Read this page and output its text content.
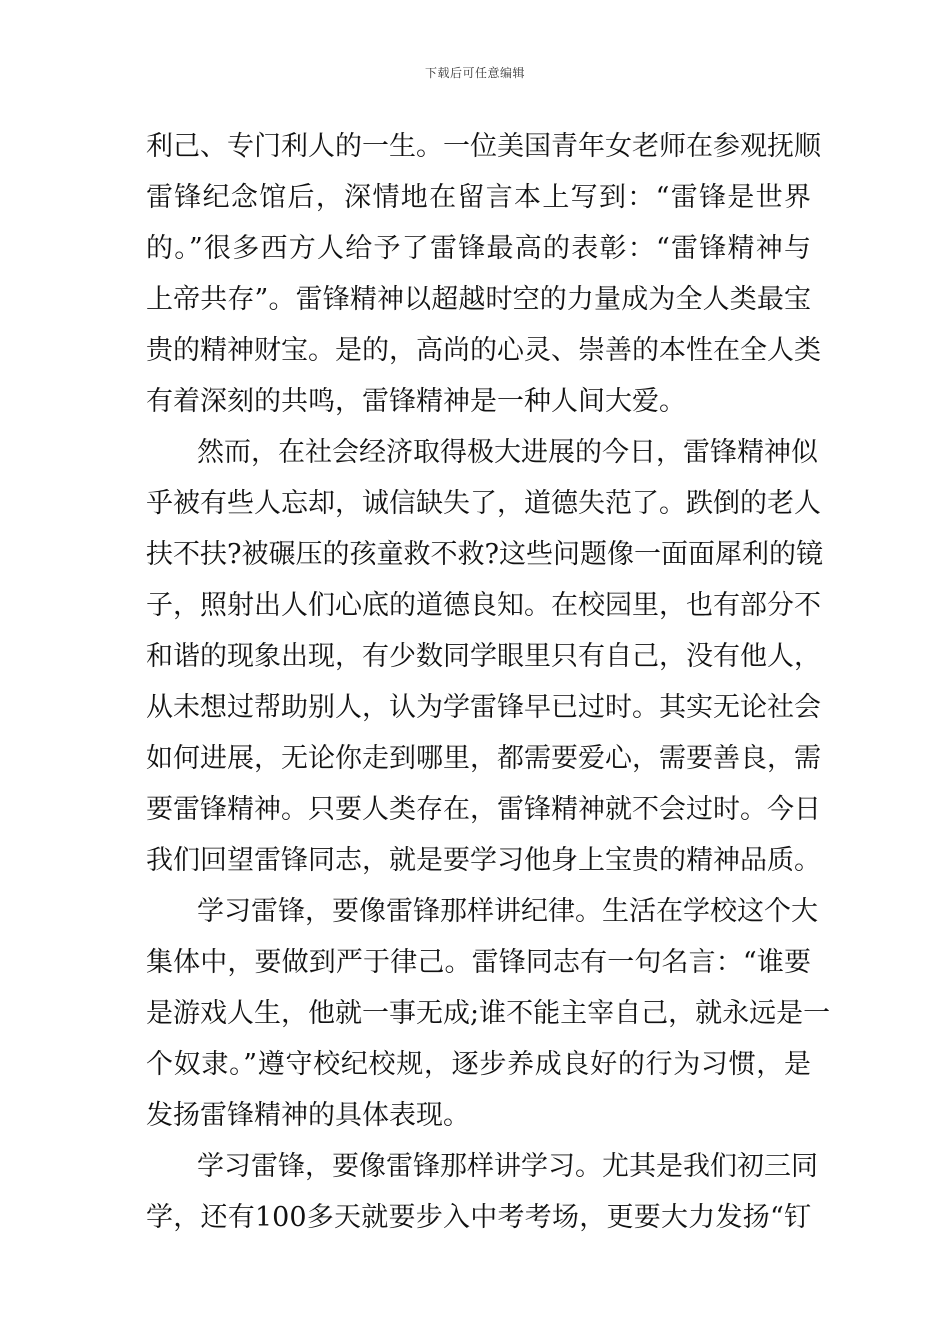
下载后可任意编辑
利己、专门利人的一生。一位美国青年女老师在参观抚顺
雷锋纪念馆后，深情地在留言本上写到：“雷锋是世界
的。”很多西方人给予了雷锋最高的表彰：“雷锋精神与
上帝共存”。雷锋精神以超越时空的力量成为全人类最宝
贵的精神财宝。是的，高尚的心灵、崇善的本性在全人类
有着深刻的共鸣，雷锋精神是一种人间大爱。
然而，在社会经济取得极大进展的今日，雷锋精神似
乎被有些人忘却，诚信缺失了，道德失范了。跌倒的老人
扶不扶?被碾压的孩童救不救?这些问题像一面面犀利的镜
子，照射出人们心底的道德良知。在校园里，也有部分不
和谐的现象出现，有少数同学眼里只有自己，没有他人，
从未想过帮助别人，认为学雷锋早已过时。其实无论社会
如何进展，无论你走到哪里，都需要爱心，需要善良，需
要雷锋精神。只要人类存在，雷锋精神就不会过时。今日
我们回望雷锋同志，就是要学习他身上宝贵的精神品质。
学习雷锋，要像雷锋那样讲纪律。生活在学校这个大
集体中，要做到严于律己。雷锋同志有一句名言：“谁要
是游戏人生，他就一事无成;谁不能主宰自己，就永远是一
个奴隶。”遵守校纪校规，逐步养成良好的行为习惯，是
发扬雷锋精神的具体表现。
学习雷锋，要像雷锋那样讲学习。尤其是我们初三同
学，还有100多天就要步入中考考场，更要大力发扬“钉
